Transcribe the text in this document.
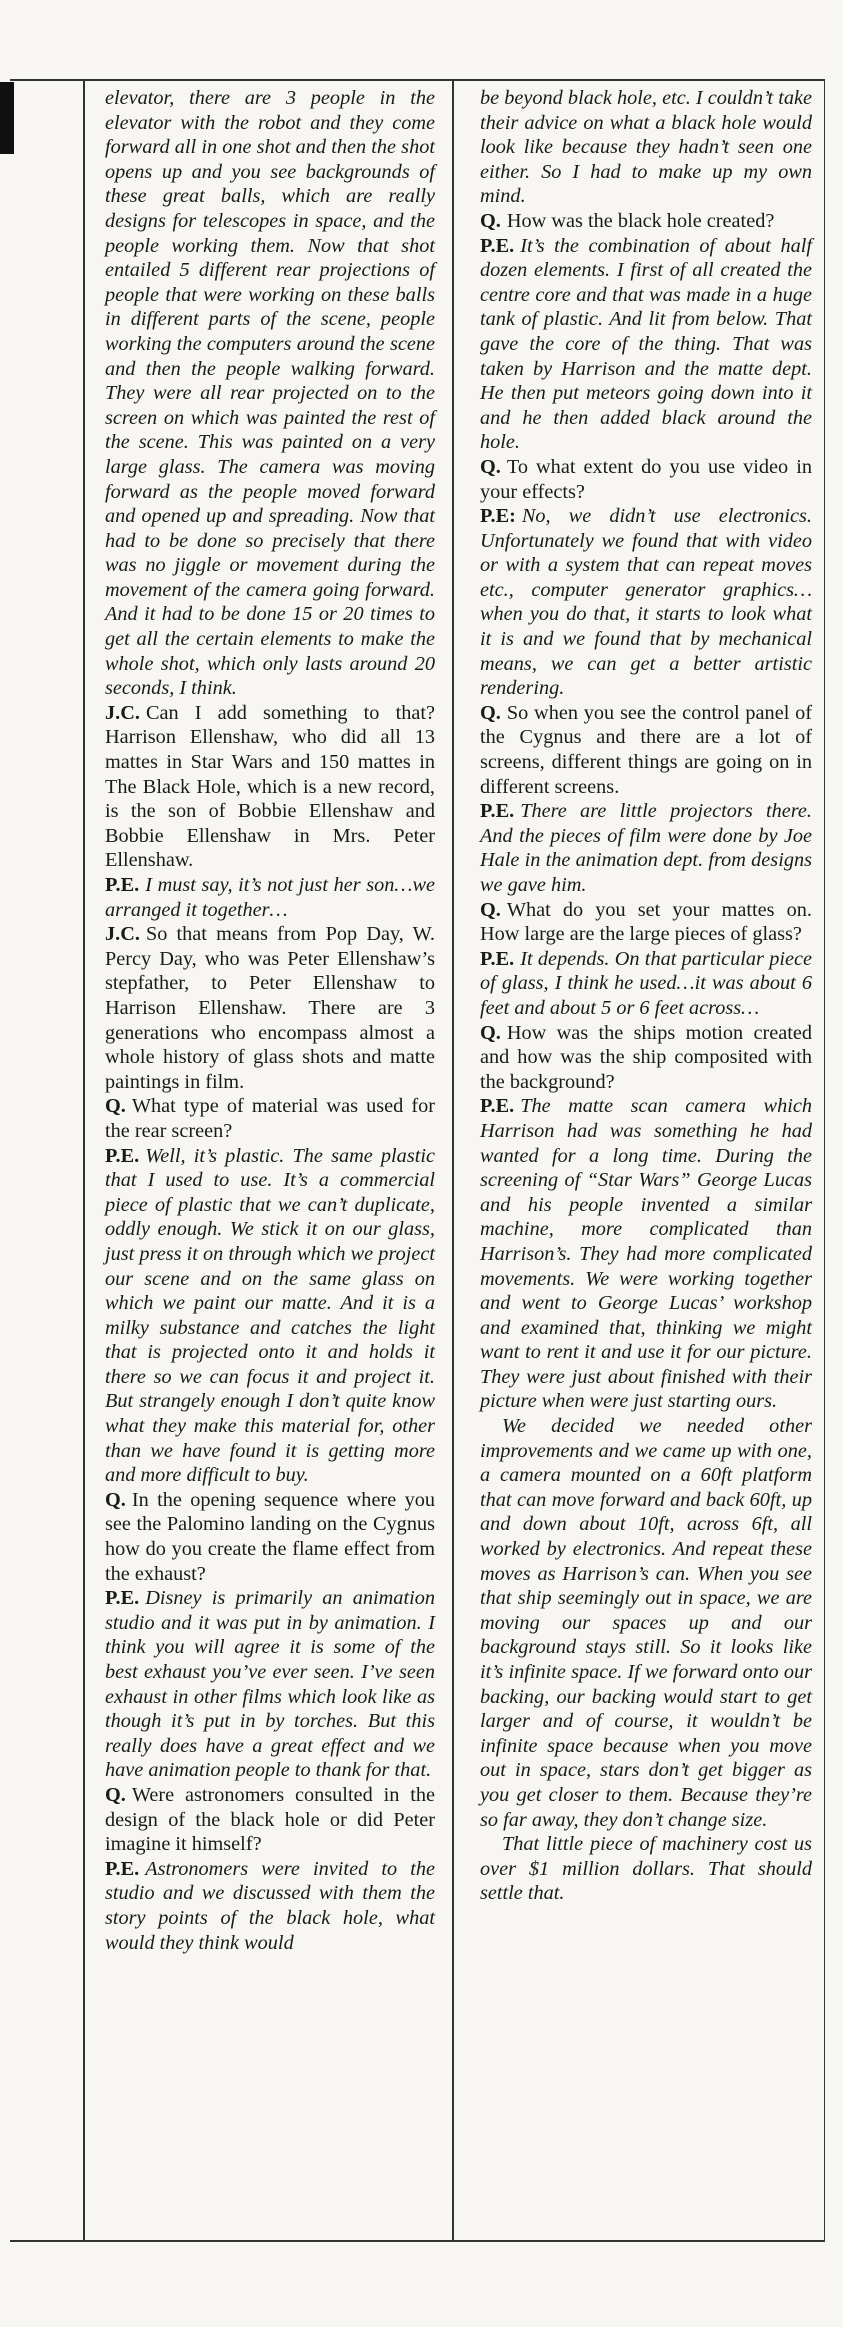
elevator, there are 3 people in the elevator with the robot and they come forward all in one shot and then the shot opens up and you see backgrounds of these great balls, which are really designs for telescopes in space, and the people working them. Now that shot entailed 5 different rear projections of people that were working on these balls in different parts of the scene, people working the computers around the scene and then the people walking forward. They were all rear projected on to the screen on which was painted the rest of the scene. This was painted on a very large glass. The camera was moving forward as the people moved forward and opened up and spreading. Now that had to be done so precisely that there was no jiggle or movement during the movement of the camera going forward. And it had to be done 15 or 20 times to get all the certain elements to make the whole shot, which only lasts around 20 seconds, I think.

J.C. Can I add something to that? Harrison Ellenshaw, who did all 13 mattes in Star Wars and 150 mattes in The Black Hole, which is a new record, is the son of Bobbie Ellenshaw and Bobbie Ellenshaw in Mrs. Peter Ellenshaw.

P.E. I must say, it’s not just her son…we arranged it together…

J.C. So that means from Pop Day, W. Percy Day, who was Peter Ellenshaw’s stepfather, to Peter Ellenshaw to Harrison Ellenshaw. There are 3 generations who encompass almost a whole history of glass shots and matte paintings in film.

Q. What type of material was used for the rear screen?

P.E. Well, it’s plastic. The same plastic that I used to use. It’s a commercial piece of plastic that we can’t duplicate, oddly enough. We stick it on our glass, just press it on through which we project our scene and on the same glass on which we paint our matte. And it is a milky substance and catches the light that is projected onto it and holds it there so we can focus it and project it. But strangely enough I don’t quite know what they make this material for, other than we have found it is getting more and more difficult to buy.

Q. In the opening sequence where you see the Palomino landing on the Cygnus how do you create the flame effect from the exhaust?

P.E. Disney is primarily an animation studio and it was put in by animation. I think you will agree it is some of the best exhaust you’ve ever seen. I’ve seen exhaust in other films which look like as though it’s put in by torches. But this really does have a great effect and we have animation people to thank for that.

Q. Were astronomers consulted in the design of the black hole or did Peter imagine it himself?

P.E. Astronomers were invited to the studio and we discussed with them the story points of the black hole, what would they think would

be beyond black hole, etc. I couldn’t take their advice on what a black hole would look like because they hadn’t seen one either. So I had to make up my own mind.

Q. How was the black hole created?

P.E. It’s the combination of about half dozen elements. I first of all created the centre core and that was made in a huge tank of plastic. And lit from below. That gave the core of the thing. That was taken by Harrison and the matte dept. He then put meteors going down into it and he then added black around the hole.

Q. To what extent do you use video in your effects?

P.E: No, we didn’t use electronics. Unfortunately we found that with video or with a system that can repeat moves etc., computer generator graphics…when you do that, it starts to look what it is and we found that by mechanical means, we can get a better artistic rendering.

Q. So when you see the control panel of the Cygnus and there are a lot of screens, different things are going on in different screens.

P.E. There are little projectors there. And the pieces of film were done by Joe Hale in the animation dept. from designs we gave him.

Q. What do you set your mattes on. How large are the large pieces of glass?

P.E. It depends. On that particular piece of glass, I think he used…it was about 6 feet and about 5 or 6 feet across…

Q. How was the ships motion created and how was the ship composited with the background?

P.E. The matte scan camera which Harrison had was something he had wanted for a long time. During the screening of “Star Wars” George Lucas and his people invented a similar machine, more complicated than Harrison’s. They had more complicated movements. We were working together and went to George Lucas’ workshop and examined that, thinking we might want to rent it and use it for our picture. They were just about finished with their picture when were just starting ours.

We decided we needed other improvements and we came up with one, a camera mounted on a 60ft platform that can move forward and back 60ft, up and down about 10ft, across 6ft, all worked by electronics. And repeat these moves as Harrison’s can. When you see that ship seemingly out in space, we are moving our spaces up and our background stays still. So it looks like it’s infinite space. If we forward onto our backing, our backing would start to get larger and of course, it wouldn’t be infinite space because when you move out in space, stars don’t get bigger as you get closer to them. Because they’re so far away, they don’t change size.

That little piece of machinery cost us over $1 million dollars. That should settle that.
